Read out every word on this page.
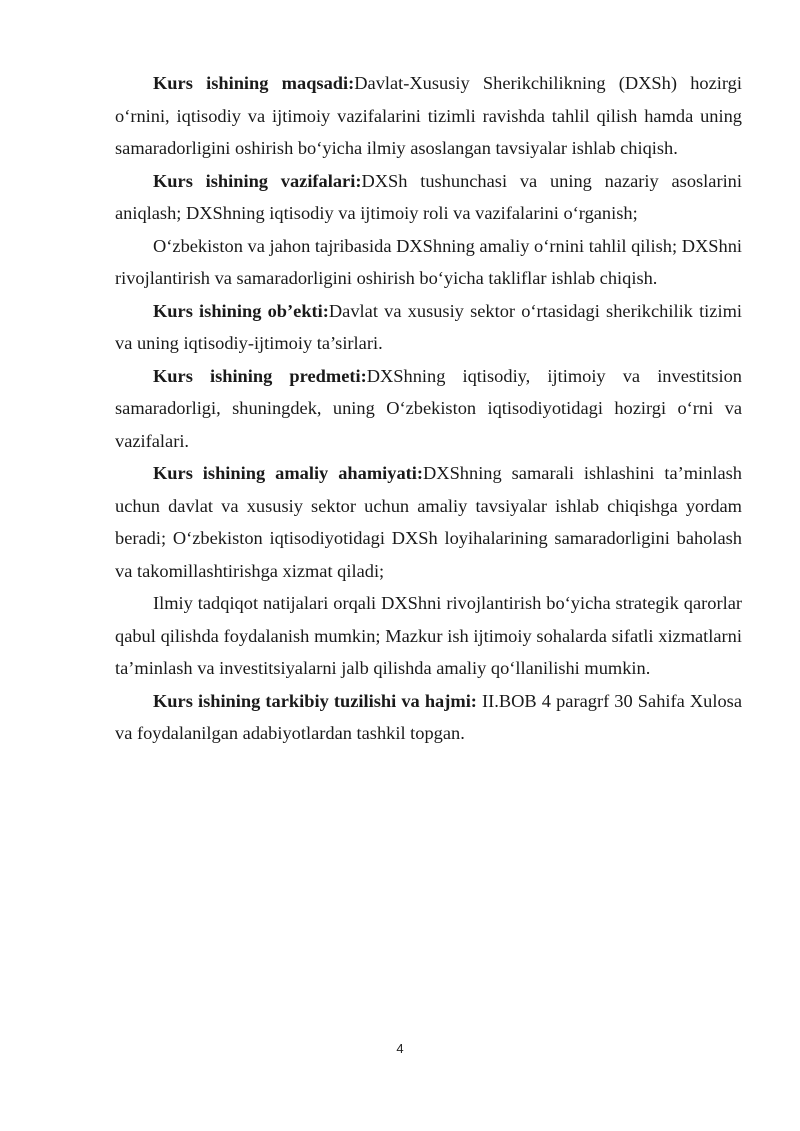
Kurs ishining maqsadi:Davlat-Xususiy Sherikchilikning (DXSh) hozirgi o‘rnini, iqtisodiy va ijtimoiy vazifalarini tizimli ravishda tahlil qilish hamda uning samaradorligini oshirish bo‘yicha ilmiy asoslangan tavsiyalar ishlab chiqish.

Kurs ishining vazifalari:DXSh tushunchasi va uning nazariy asoslarini aniqlash; DXShning iqtisodiy va ijtimoiy roli va vazifalarini o‘rganish;

O‘zbekiston va jahon tajribasida DXShning amaliy o‘rnini tahlil qilish; DXShni rivojlantirish va samaradorligini oshirish bo‘yicha takliflar ishlab chiqish.

Kurs ishining ob’ekti:Davlat va xususiy sektor o‘rtasidagi sherikchilik tizimi va uning iqtisodiy-ijtimoiy ta’sirlari.

Kurs ishining predmeti:DXShning iqtisodiy, ijtimoiy va investitsion samaradorligi, shuningdek, uning O‘zbekiston iqtisodiyotidagi hozirgi o‘rni va vazifalari.

Kurs ishining amaliy ahamiyati:DXShning samarali ishlashini ta’minlash uchun davlat va xususiy sektor uchun amaliy tavsiyalar ishlab chiqishga yordam beradi; O‘zbekiston iqtisodiyotidagi DXSh loyihalarining samaradorligini baholash va takomillashtirishga xizmat qiladi;

Ilmiy tadqiqot natijalari orqali DXShni rivojlantirish bo‘yicha strategik qarorlar qabul qilishda foydalanish mumkin; Mazkur ish ijtimoiy sohalarda sifatli xizmatlarni ta’minlash va investitsiyalarni jalb qilishda amaliy qo‘llanilishi mumkin.

Kurs ishining tarkibiy tuzilishi va hajmi: II.BOB 4 paragrf 30 Sahifa Xulosa va foydalanilgan adabiyotlardan tashkil topgan.

4
